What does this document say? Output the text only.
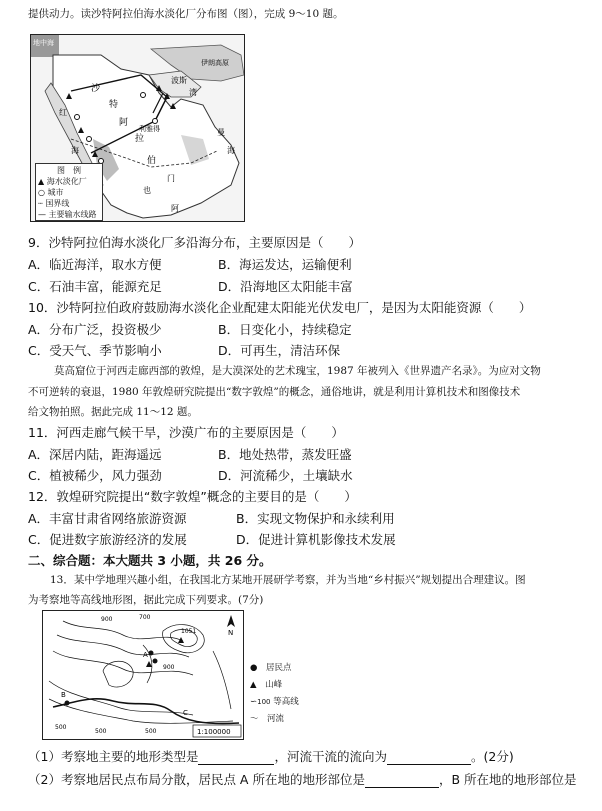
提供动力。读沙特阿拉伯海水淡化厂分布图（图），完成 9～10 题。

地中海
伊朗高原
沙
特
阿
拉
伯
红
海
波斯
湾
利雅得
也
门
阿
曼
海
图　例
▲ 海水淡化厂
○ 城市
┄ 国界线
— 主要输水线路

9．沙特阿拉伯海水淡化厂多沿海分布，主要原因是（　　）

A．临近海洋，取水方便	B．海运发达，运输便利

C．石油丰富，能源充足	D．沿海地区太阳能丰富

10．沙特阿拉伯政府鼓励海水淡化企业配建太阳能光伏发电厂，是因为太阳能资源（　　）

A．分布广泛，投资极少	B．日变化小，持续稳定

C．受天气、季节影响小	D．可再生，清洁环保

莫高窟位于河西走廊西部的敦煌，是大漠深处的艺术瑰宝，1987 年被列入《世界遗产名录》。为应对文物

不可逆转的衰退，1980 年敦煌研究院提出“数字敦煌”的概念，通俗地讲，就是利用计算机技术和图像技术

给文物拍照。据此完成 11～12 题。

11．河西走廊气候干旱，沙漠广布的主要原因是（　　）

A．深居内陆，距海遥远	B．地处热带，蒸发旺盛

C．植被稀少，风力强劲	D．河流稀少，土壤缺水

12．敦煌研究院提出“数字敦煌”概念的主要目的是（　　）

A．丰富甘肃省网络旅游资源	B．实现文物保护和永续利用

C．促进数字旅游经济的发展	D．促进计算机影像技术发展

二、综合题：本大题共 3 小题，共 26 分。

13．某中学地理兴趣小组，在我国北方某地开展研学考察，并为当地“乡村振兴”规划提出合理建议。图

为考察地等高线地形图，据此完成下列要求。(7分)

N
900	700
1051
900
A
B
C
500
500	500	1:100000
●　 居民点
▲　 山峰
∽100 等高线
〜　 河流

（1）考察地主要的地形类型是	，河流干流的流向为	。(2分)

（2）考察地居民点布局分散，居民点 A 所在地的地形部位是	，B 所在地的地形部位是
